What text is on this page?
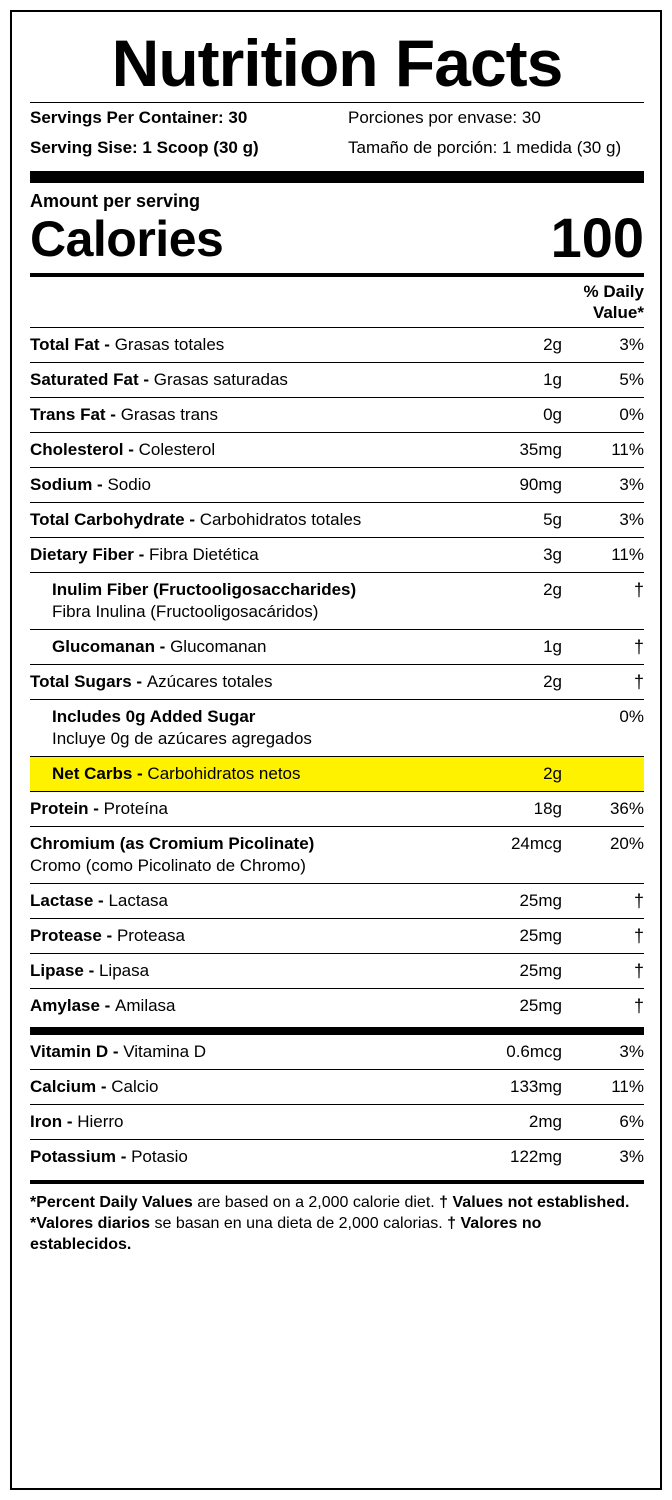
Nutrition Facts
Servings Per Container: 30	Porciones por envase: 30
Serving Sise: 1 Scoop (30 g)	Tamaño de porción: 1 medida (30 g)
Amount per serving
Calories	100
% Daily
Value*
Total Fat - Grasas totales	2g	3%
Saturated Fat - Grasas saturadas	1g	5%
Trans Fat - Grasas trans	0g	0%
Cholesterol - Colesterol	35mg	11%
Sodium - Sodio	90mg	3%
Total Carbohydrate - Carbohidratos totales	5g	3%
Dietary Fiber - Fibra Dietética	3g	11%
Inulim Fiber (Fructooligosaccharides)
Fibra Inulina (Fructooligosacáridos)
2g	†
Glucomanan - Glucomanan	1g	†
Total Sugars - Azúcares totales	2g	†
Includes 0g Added Sugar
Incluye 0g de azúcares agregados
0%
Net Carbs - Carbohidratos netos	2g
Protein - Proteína	18g	36%
Chromium (as Cromium Picolinate)
Cromo (como Picolinato de Chromo)
24mcg	20%
Lactase - Lactasa	25mg	†
Protease - Proteasa	25mg	†
Lipase - Lipasa	25mg	†
Amylase - Amilasa	25mg	†
Vitamin D - Vitamina D	0.6mcg	3%
Calcium - Calcio	133mg	11%
Iron - Hierro	2mg	6%
Potassium - Potasio	122mg	3%
*Percent Daily Values are based on a 2,000 calorie diet. † Values not established. *Valores diarios se basan en una dieta de 2,000 calorias. † Valores no establecidos.
